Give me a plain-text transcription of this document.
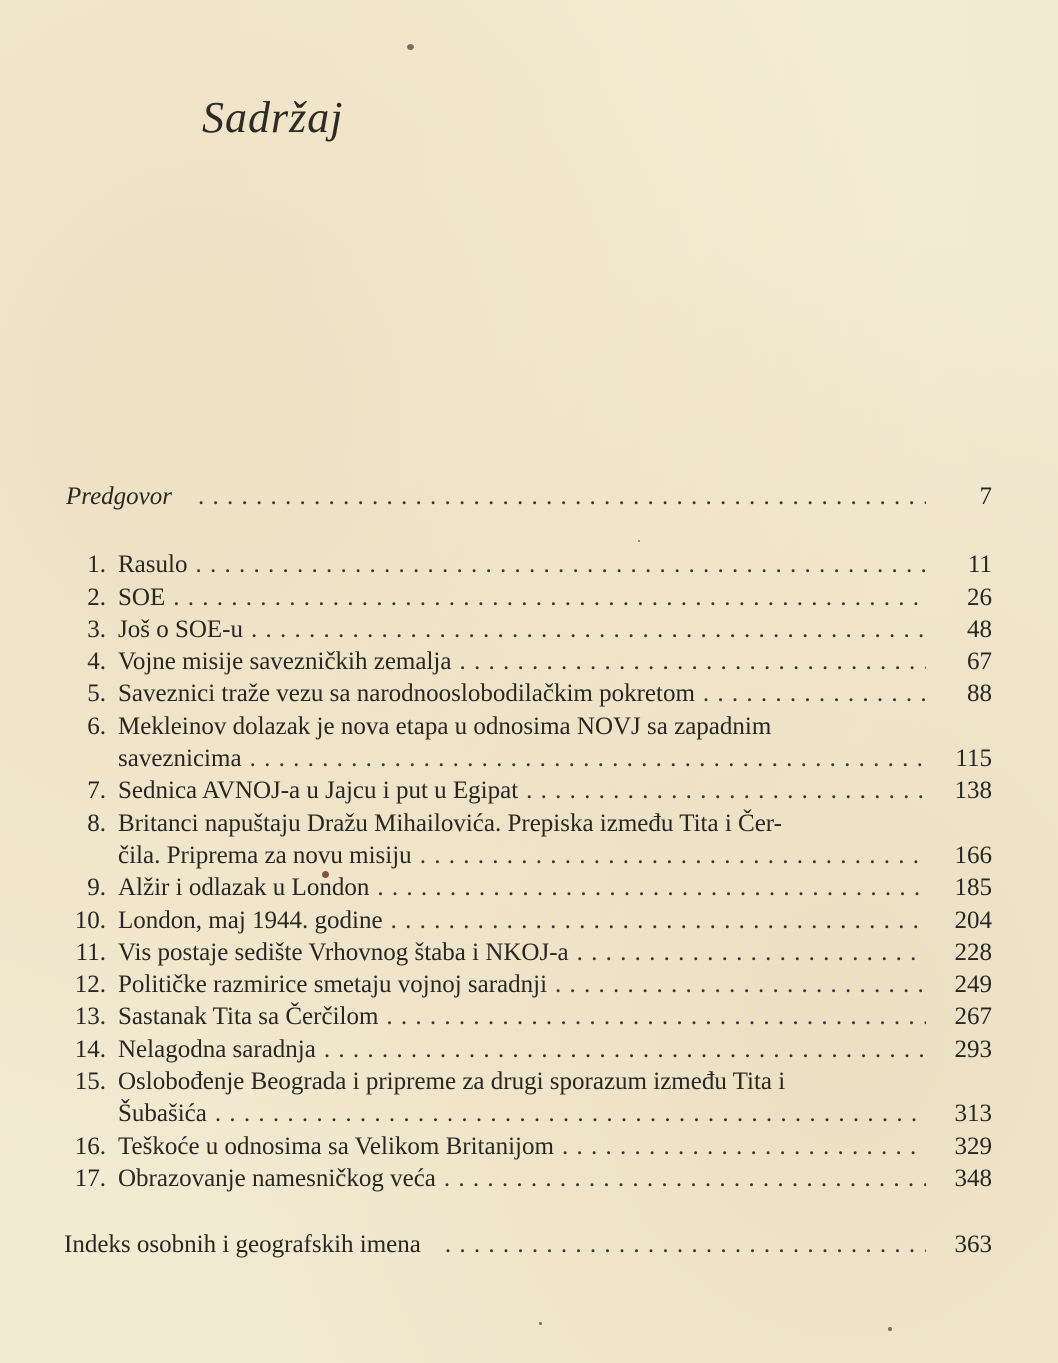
Sadržaj
Predgovor . . .	7
1. Rasulo . . .	11
2. SOE . . .	26
3. Još o SOE-u . . .	48
4. Vojne misije savezničkih zemalja . . .	67
5. Saveznici traže vezu sa narodnooslobodilačkim pokretom . . .	88
6. Mekleinov dolazak je nova etapa u odnosima NOVJ sa zapadnim
saveznicima . . .	115
7. Sednica AVNOJ-a u Jajcu i put u Egipat . . .	138
8. Britanci napuštaju Dražu Mihailovića. Prepiska između Tita i Čer-
čila. Priprema za novu misiju . . .	166
9. Alžir i odlazak u London . . .	185
10. London, maj 1944. godine . . .	204
11. Vis postaje sedište Vrhovnog štaba i NKOJ-a . . .	228
12. Političke razmirice smetaju vojnoj saradnji . . .	249
13. Sastanak Tita sa Čerčilom . . .	267
14. Nelagodna saradnja . . .	293
15. Oslobođenje Beograda i pripreme za drugi sporazum između Tita i
Šubašića . . .	313
16. Teškoće u odnosima sa Velikom Britanijom . . .	329
17. Obrazovanje namesničkog veća . . .	348
Indeks osobnih i geografskih imena . . .	363
